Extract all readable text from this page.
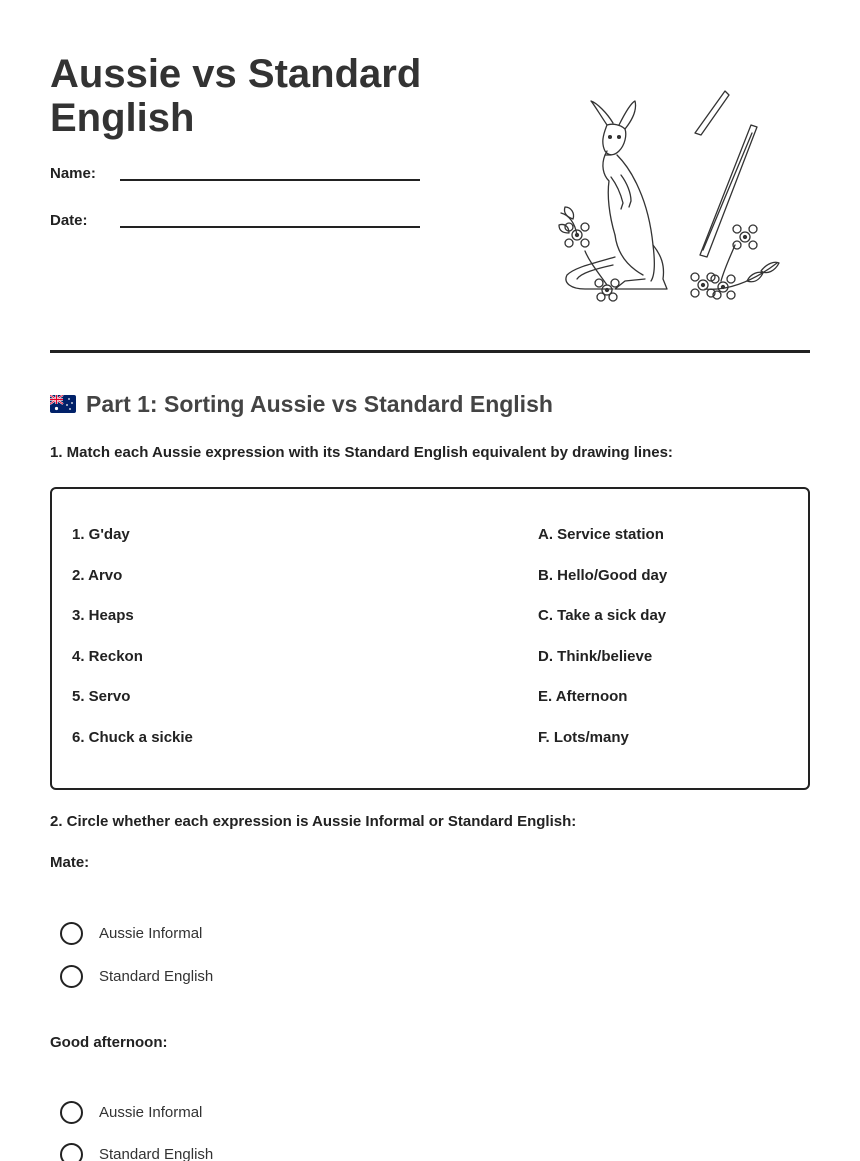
Aussie vs Standard English
Name:
Date:
Part 1: Sorting Aussie vs Standard English

1. Match each Aussie expression with its Standard English equivalent by drawing lines:

1. G'day
2. Arvo
3. Heaps
4. Reckon
5. Servo
6. Chuck a sickie
A. Service station
B. Hello/Good day
C. Take a sick day
D. Think/believe
E. Afternoon
F. Lots/many

2. Circle whether each expression is Aussie Informal or Standard English:

Mate:

Aussie Informal
Standard English

Good afternoon:

Aussie Informal
Standard English
